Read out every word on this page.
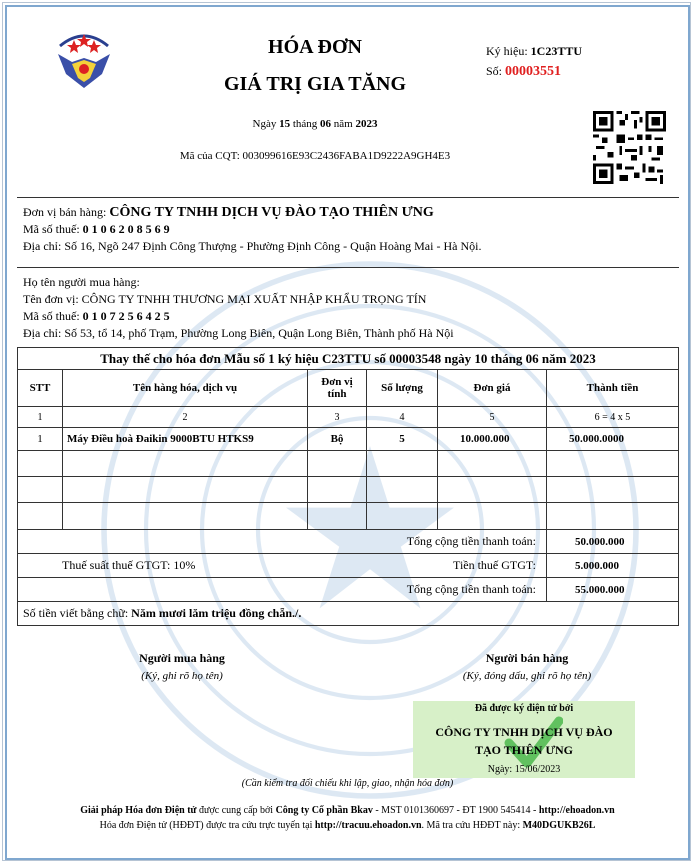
HÓA ĐƠN
GIÁ TRỊ GIA TĂNG
Ngày 15 tháng 06 năm 2023
Mã của CQT: 003099616E93C2436FABA1D9222A9GH4E3
Ký hiệu: 1C23TTU
Số: 00003551
Đơn vị bán hàng: CÔNG TY TNHH DỊCH VỤ ĐÀO TẠO THIÊN ƯNG
Mã số thuế: 0 1 0 6 2 0 8 5 6 9
Địa chỉ: Số 16, Ngõ 247 Định Công Thượng - Phường Định Công - Quận Hoàng Mai - Hà Nội.
Họ tên người mua hàng:
Tên đơn vị: CÔNG TY TNHH THƯƠNG MẠI XUẤT NHẬP KHẨU TRỌNG TÍN
Mã số thuế: 0 1 0 7 2 5 6 4 2 5
Địa chỉ: Số 53, tổ 14, phố Trạm, Phường Long Biên, Quận Long Biên, Thành phố Hà Nội
Thay thế cho hóa đơn Mẫu số 1 ký hiệu C23TTU số 00003548 ngày 10 tháng 06 năm 2023					
STT	Tên hàng hóa, dịch vụ	Đơn vị tính	Số lượng	Đơn giá	Thành tiền
1	2	3	4	5	6 = 4 x 5
1	Máy Điều hoà Đaikin 9000BTU HTKS9	Bộ	5	10.000.000	50.000.0000

Tổng cộng tiền thanh toán:					50.000.000
Thuế suất thuế GTGT: 10%		Tiền thuế GTGT:			5.000.000
Tổng cộng tiền thanh toán:					55.000.000
Số tiền viết bằng chữ: Năm mươi lăm triệu đồng chẵn./.					
Người mua hàng
(Ký, ghi rõ họ tên)
Người bán hàng
(Ký, đóng dấu, ghi rõ họ tên)
Đã được ký điện tử bởi
CÔNG TY TNHH DỊCH VỤ ĐÀO
TẠO THIÊN ƯNG
Ngày: 15/06/2023
(Cần kiểm tra đối chiếu khi lập, giao, nhận hóa đơn)
Giải pháp Hóa đơn Điện tử được cung cấp bởi Công ty Cổ phần Bkav - MST 0101360697 - ĐT 1900 545414 - http://ehoadon.vn
Hóa đơn Điện tử (HĐĐT) được tra cứu trực tuyến tại http://tracuu.ehoadon.vn. Mã tra cứu HĐĐT này: M40DGUKB26L
